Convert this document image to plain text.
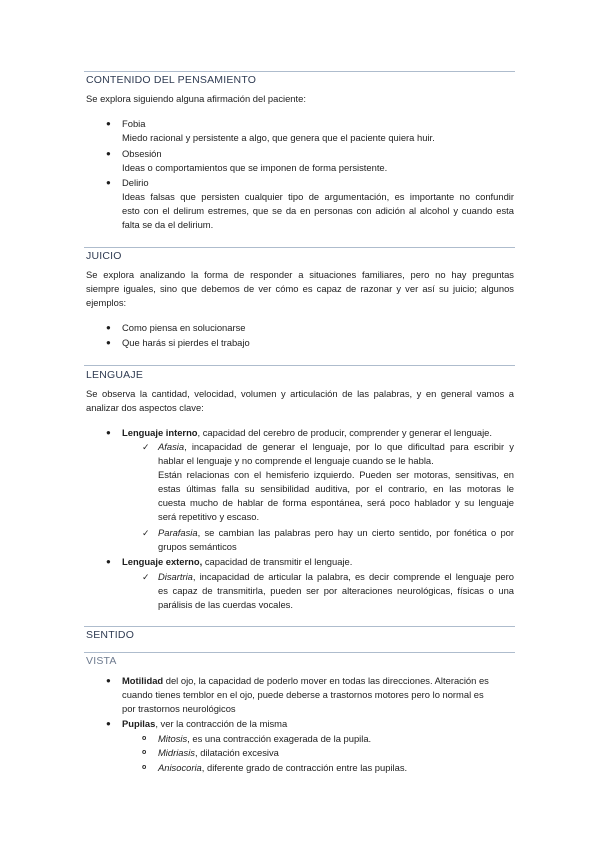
CONTENIDO DEL PENSAMIENTO
Se explora siguiendo alguna afirmación del paciente:
● Fobia
Miedo racional y persistente a algo, que genera que el paciente quiera huir.
● Obsesión
Ideas o comportamientos que se imponen de forma persistente.
● Delirio
Ideas falsas que persisten cualquier tipo de argumentación, es importante no confundir
esto con el delirum estremes, que se da en personas con adición al alcohol y cuando esta
falta se da el delirium.
JUICIO
Se explora analizando la forma de responder a situaciones familiares, pero no hay preguntas
siempre iguales, sino que debemos de ver cómo es capaz de razonar y ver así su juicio; algunos
ejemplos:
● Como piensa en solucionarse
● Que harás si pierdes el trabajo
LENGUAJE
Se observa la cantidad, velocidad, volumen y articulación de las palabras, y en general vamos a
analizar dos aspectos clave:
● Lenguaje interno, capacidad del cerebro de producir, comprender y generar el lenguaje.
✓ Afasia, incapacidad de generar el lenguaje, por lo que dificultad para escribir y
hablar el lenguaje y no comprende el lenguaje cuando se le habla.
Están relacionas con el hemisferio izquierdo. Pueden ser motoras, sensitivas, en
estas últimas falla su sensibilidad auditiva, por el contrario, en las motoras le
cuesta mucho de hablar de forma espontánea, será poco hablador y su lenguaje
será repetitivo y escaso.
✓ Parafasia, se cambian las palabras pero hay un cierto sentido, por fonética o por
grupos semánticos
● Lenguaje externo, capacidad de transmitir el lenguaje.
✓ Disartria, incapacidad de articular la palabra, es decir comprende el lenguaje pero
es capaz de transmitirla, pueden ser por alteraciones neurológicas, físicas o una
parálisis de las cuerdas vocales.
SENTIDO
VISTA
● Motilidad del ojo, la capacidad de poderlo mover en todas las direcciones. Alteración es
cuando tienes temblor en el ojo, puede deberse a trastornos motores pero lo normal es
por trastornos neurológicos
● Pupilas, ver la contracción de la misma
o Mitosis, es una contracción exagerada de la pupila.
o Midriasis, dilatación excesiva
o Anisocoria, diferente grado de contracción entre las pupilas.
